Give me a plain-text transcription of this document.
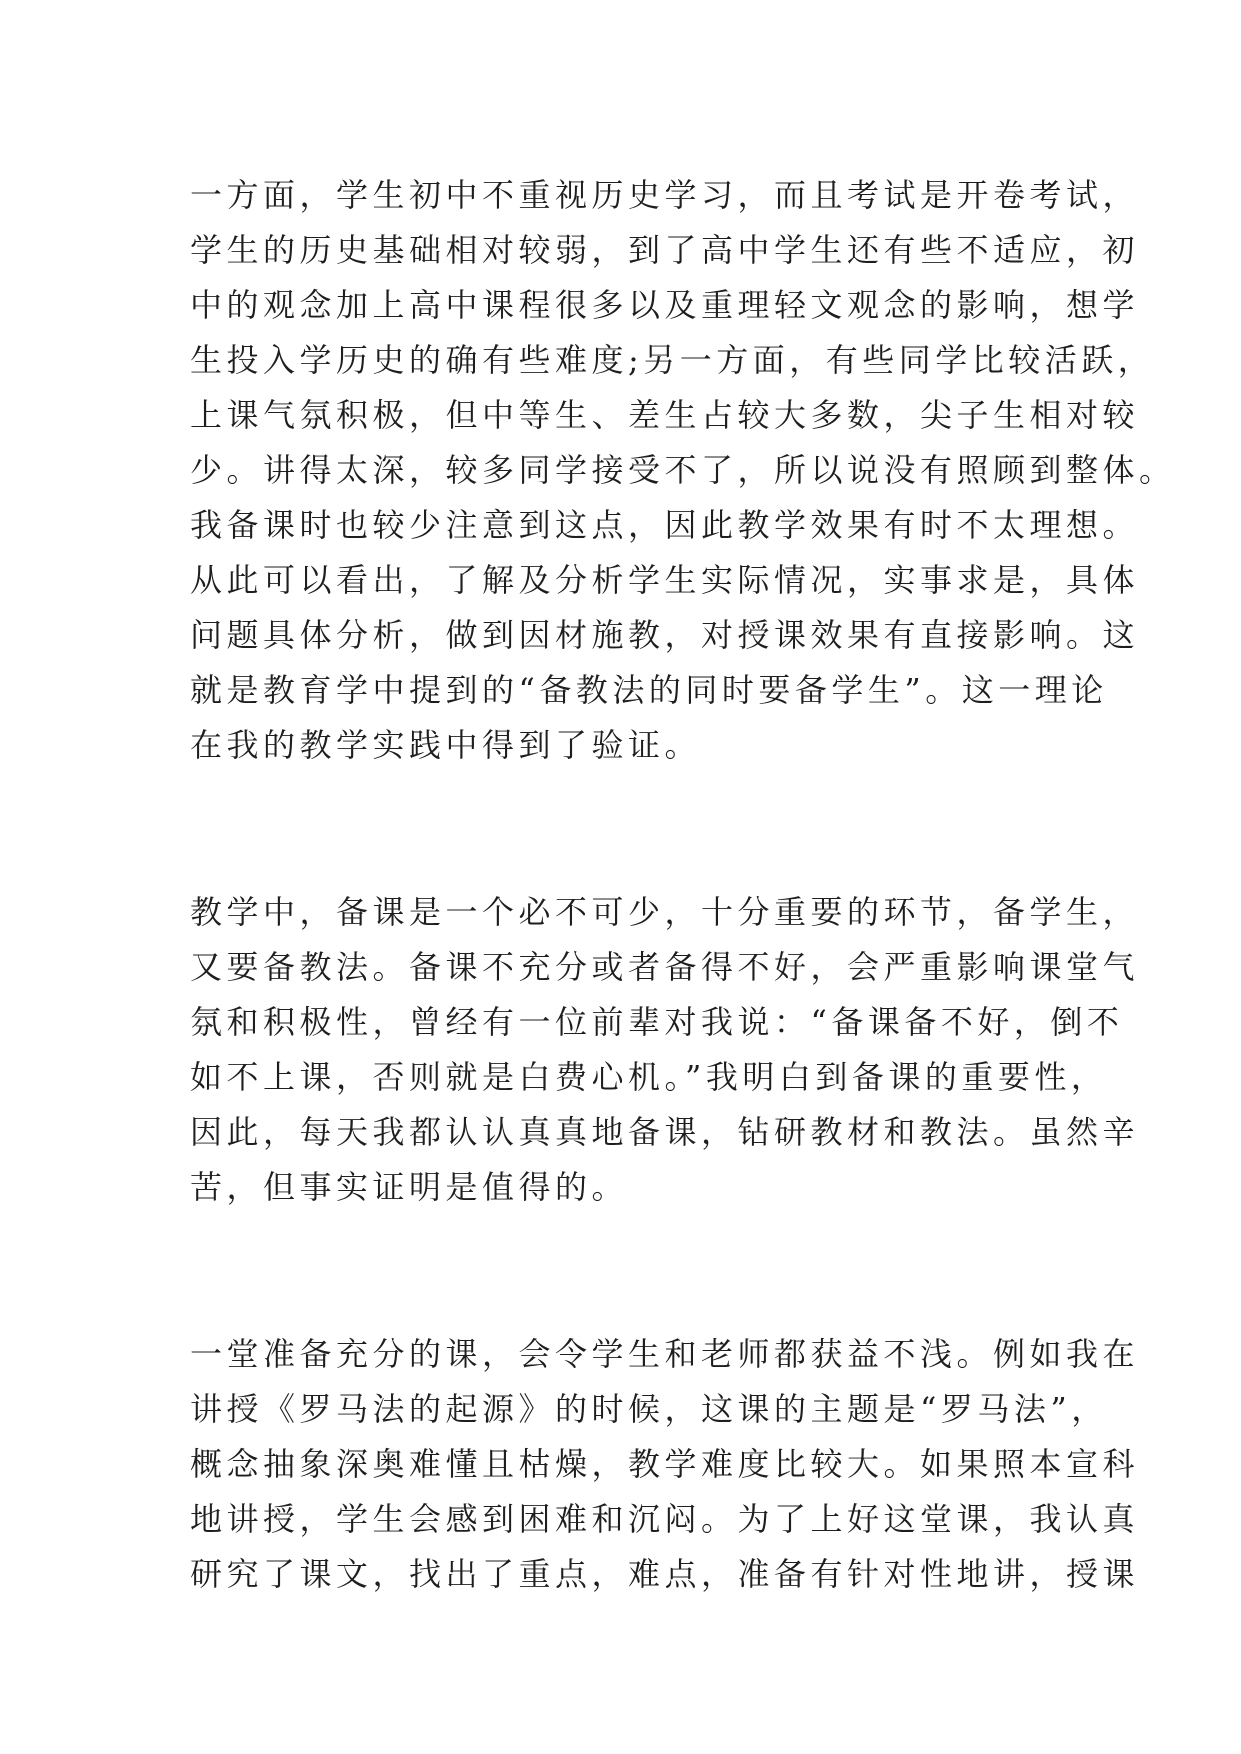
一方面，学生初中不重视历史学习，而且考试是开卷考试，
学生的历史基础相对较弱，到了高中学生还有些不适应，初
中的观念加上高中课程很多以及重理轻文观念的影响，想学
生投入学历史的确有些难度;另一方面，有些同学比较活跃，
上课气氛积极，但中等生、差生占较大多数，尖子生相对较
少。讲得太深，较多同学接受不了，所以说没有照顾到整体。
我备课时也较少注意到这点，因此教学效果有时不太理想。
从此可以看出，了解及分析学生实际情况，实事求是，具体
问题具体分析，做到因材施教，对授课效果有直接影响。这
就是教育学中提到的“备教法的同时要备学生”。这一理论
在我的教学实践中得到了验证。

教学中，备课是一个必不可少，十分重要的环节，备学生，
又要备教法。备课不充分或者备得不好，会严重影响课堂气
氛和积极性，曾经有一位前辈对我说：“备课备不好，倒不
如不上课，否则就是白费心机。”我明白到备课的重要性，
因此，每天我都认认真真地备课，钻研教材和教法。虽然辛
苦，但事实证明是值得的。

一堂准备充分的课，会令学生和老师都获益不浅。例如我在
讲授《罗马法的起源》的时候，这课的主题是“罗马法”，
概念抽象深奥难懂且枯燥，教学难度比较大。如果照本宣科
地讲授，学生会感到困难和沉闷。为了上好这堂课，我认真
研究了课文，找出了重点，难点，准备有针对性地讲，授课
